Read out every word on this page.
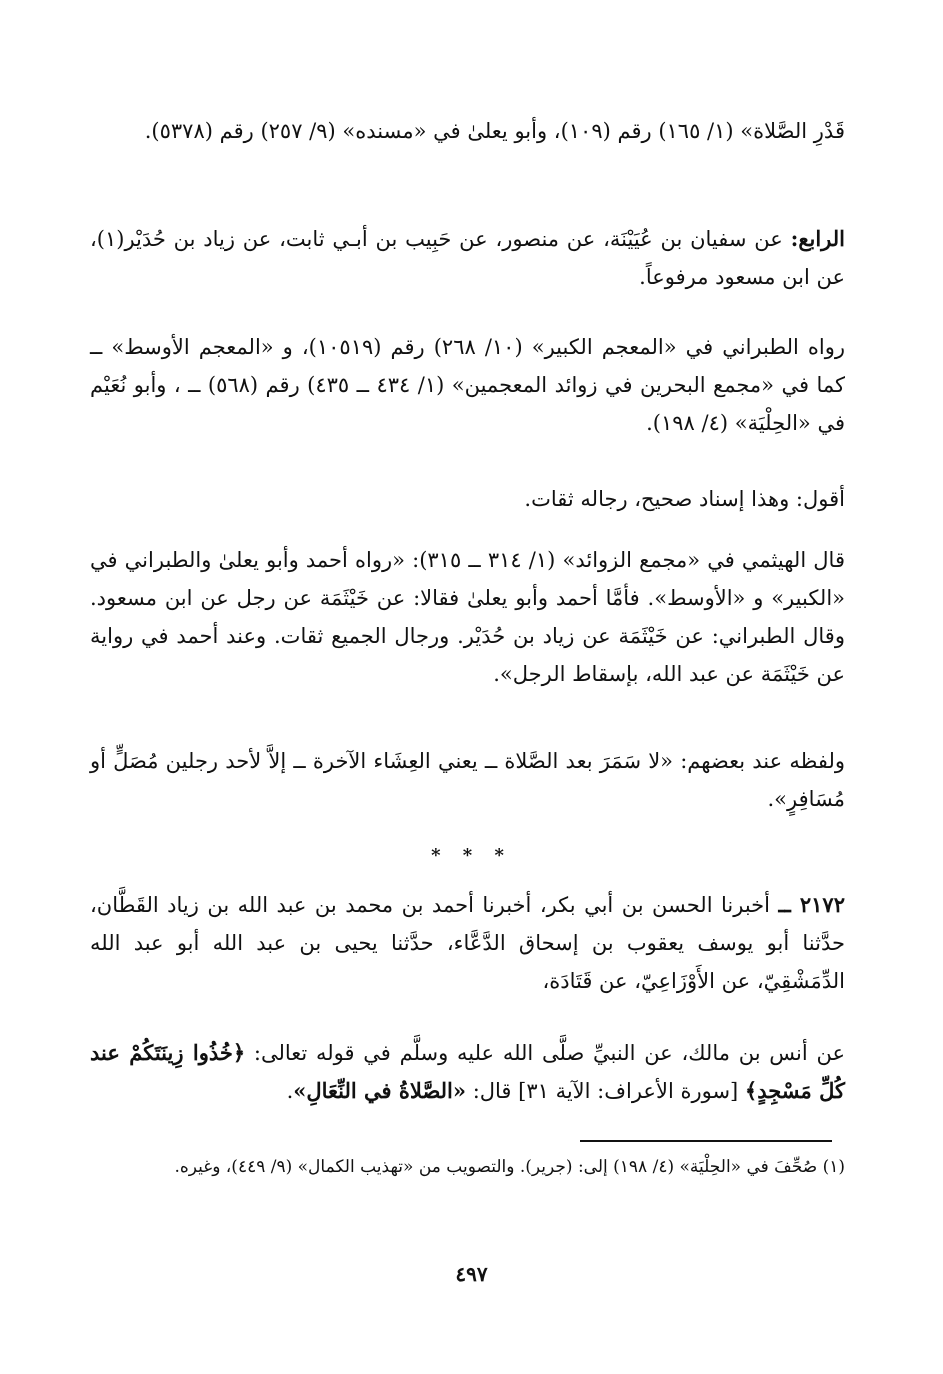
قَدْرِ الصَّلاة» (١/ ١٦٥) رقم (١٠٩)، وأبو يعلىٰ في «مسنده» (٩/ ٢٥٧) رقم (٥٣٧٨).

الرابع: عن سفيان بن عُيَيْنَة، عن منصور، عن حَبِيب بن أبـي ثابت، عن زياد بن حُدَيْر(١)، عن ابن مسعود مرفوعاً.

رواه الطبراني في «المعجم الكبير» (١٠/ ٢٦٨) رقم (١٠٥١٩)، و «المعجم الأوسط» ــ كما في «مجمع البحرين في زوائد المعجمين» (١/ ٤٣٤ ــ ٤٣٥) رقم (٥٦٨) ــ ، وأبو نُعَيْم في «الحِلْيَة» (٤/ ١٩٨).

أقول: وهذا إسناد صحيح، رجاله ثقات.

قال الهيثمي في «مجمع الزوائد» (١/ ٣١٤ ــ ٣١٥): «رواه أحمد وأبو يعلىٰ والطبراني في «الكبير» و «الأوسط». فأمَّا أحمد وأبو يعلىٰ فقالا: عن خَيْثَمَة عن رجل عن ابن مسعود. وقال الطبراني: عن خَيْثَمَة عن زياد بن حُدَيْر. ورجال الجميع ثقات. وعند أحمد في رواية عن خَيْثَمَة عن عبد الله، بإسقاط الرجل».

ولفظه عند بعضهم: «لا سَمَرَ بعد الصَّلاة ــ يعني العِشَاء الآخرة ــ إلاَّ لأحد رجلين مُصَلٍّ أو مُسَافِرٍ».

* * *

٢١٧٢ ــ أخبرنا الحسن بن أبي بكر، أخبرنا أحمد بن محمد بن عبد الله بن زياد القَطَّان، حدَّثنا أبو يوسف يعقوب بن إسحاق الدَّعَّاء، حدَّثنا يحيى بن عبد الله أبو عبد الله الدِّمَشْقِيّ، عن الأَوْزَاعِيّ، عن قَتَادَة،

عن أنس بن مالك، عن النبيِّ صلَّى الله عليه وسلَّم في قوله تعالى: ﴿خُذُوا زِينَتَكُمْ عند كُلِّ مَسْجِدٍ﴾ [سورة الأعراف: الآية ٣١] قال: «الصَّلاةُ في النِّعَالِ».

(١) صُحِّفَ في «الحِلْيَة» (٤/ ١٩٨) إلى: (جرير). والتصويب من «تهذيب الكمال» (٩/ ٤٤٩)، وغيره.

٤٩٧
